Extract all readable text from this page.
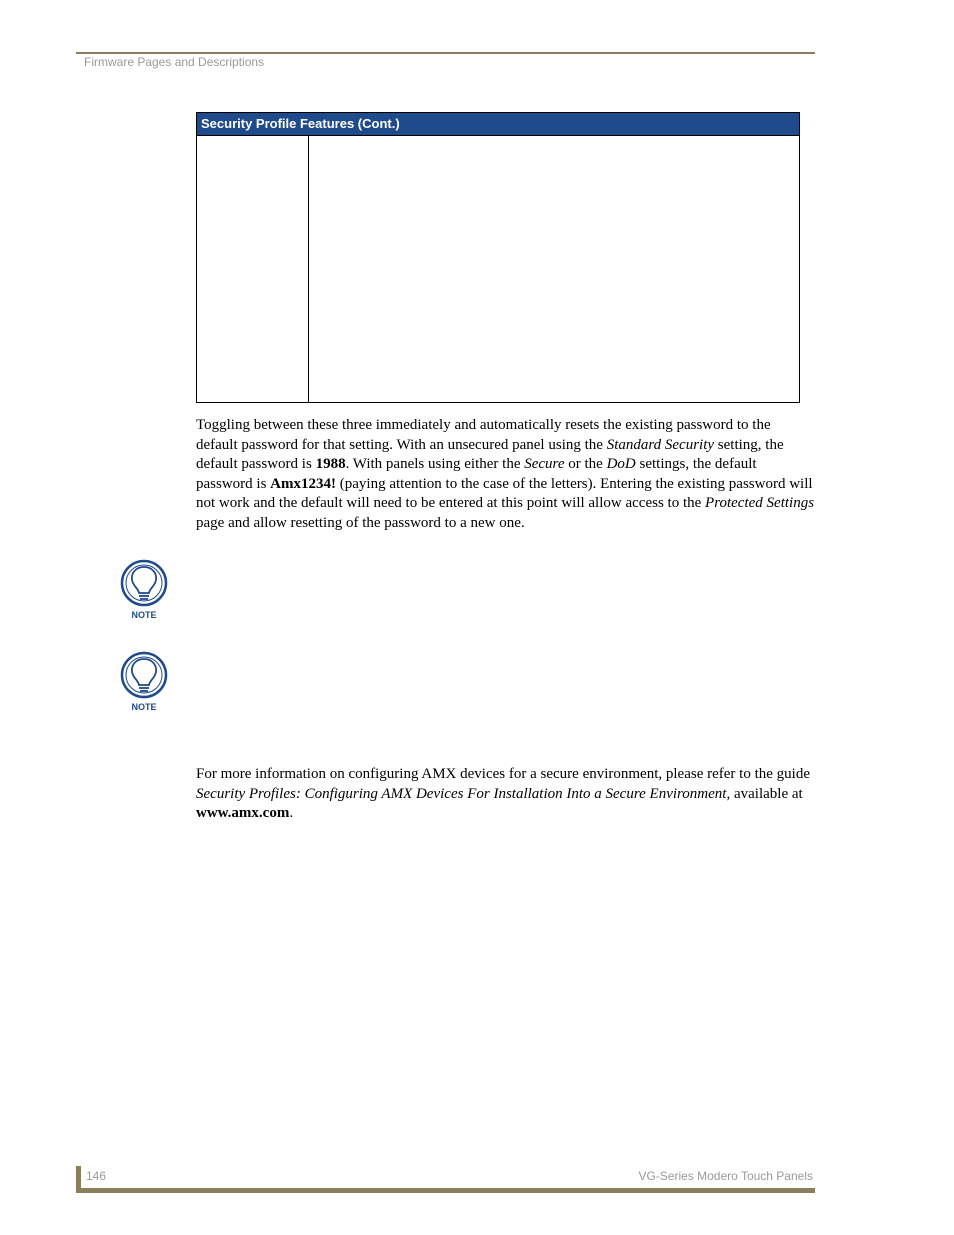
Firmware Pages and Descriptions
Security Profile Features (Cont.)
Toggling between these three immediately and automatically resets the existing password to the default password for that setting. With an unsecured panel using the Standard Security setting, the default password is 1988. With panels using either the Secure or the DoD settings, the default password is Amx1234! (paying attention to the case of the letters). Entering the existing password will not work and the default will need to be entered at this point will allow access to the Protected Settings page and allow resetting of the password to a new one.
NOTE
NOTE
For more information on configuring AMX devices for a secure environment, please refer to the guide Security Profiles: Configuring AMX Devices For Installation Into a Secure Environment, available at www.amx.com.
146	VG-Series Modero Touch Panels
